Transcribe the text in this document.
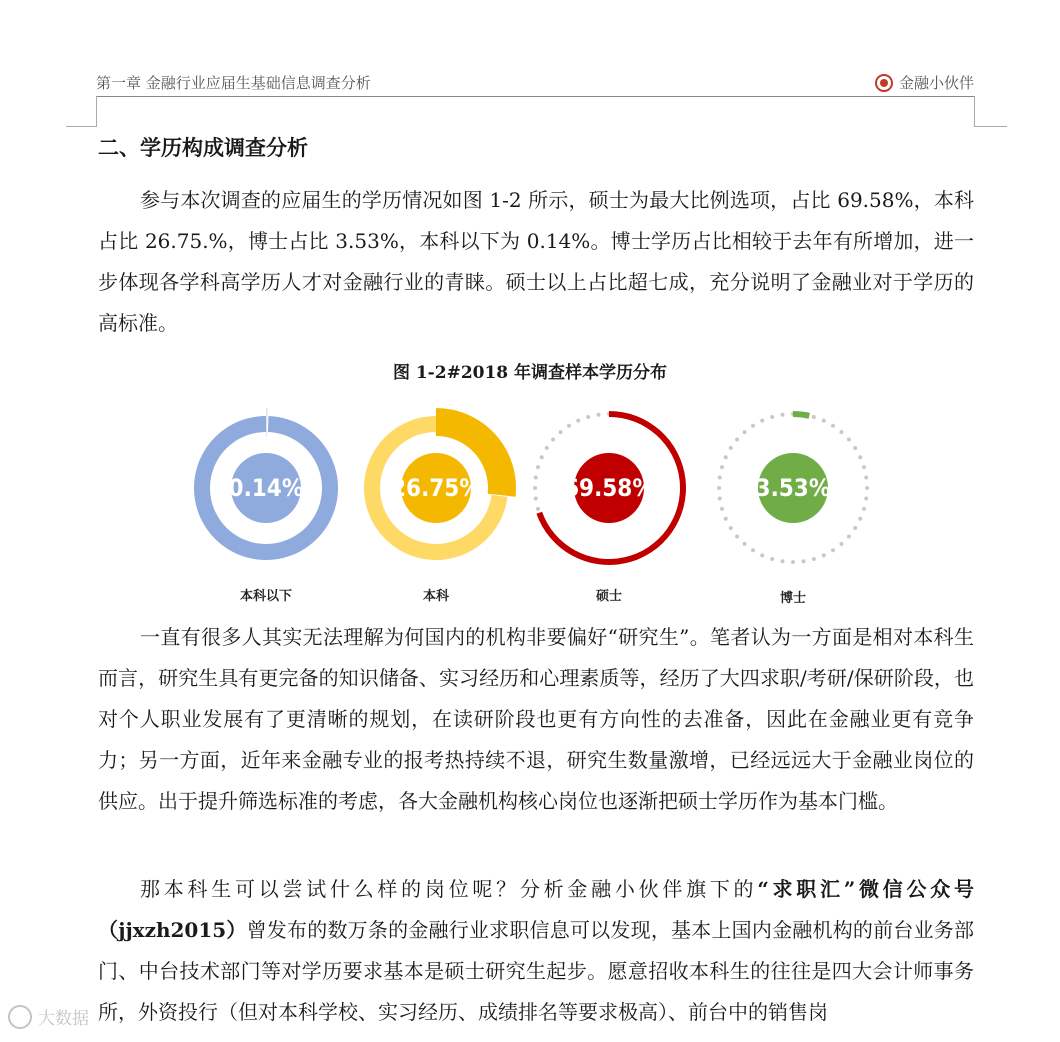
第一章 金融行业应届生基础信息调查分析	金融小伙伴
二、学历构成调查分析

参与本次调查的应届生的学历情况如图 1-2 所示，硕士为最大比例选项，占比 69.58%，本科占比 26.75.%，博士占比 3.53%，本科以下为 0.14%。博士学历占比相较于去年有所增加，进一步体现各学科高学历人才对金融行业的青睐。硕士以上占比超七成，充分说明了金融业对于学历的高标准。

图 1-2#2018 年调查样本学历分布
0.14%	26.75%	69.58%	3.53%
本科以下	本科	硕士	博士

一直有很多人其实无法理解为何国内的机构非要偏好“研究生”。笔者认为一方面是相对本科生而言，研究生具有更完备的知识储备、实习经历和心理素质等，经历了大四求职/考研/保研阶段，也对个人职业发展有了更清晰的规划，在读研阶段也更有方向性的去准备，因此在金融业更有竞争力；另一方面，近年来金融专业的报考热持续不退，研究生数量激增，已经远远大于金融业岗位的供应。出于提升筛选标准的考虑，各大金融机构核心岗位也逐渐把硕士学历作为基本门槛。

那本科生可以尝试什么样的岗位呢？分析金融小伙伴旗下的“求职汇”微信公众号（jjxzh2015）曾发布的数万条的金融行业求职信息可以发现，基本上国内金融机构的前台业务部门、中台技术部门等对学历要求基本是硕士研究生起步。愿意招收本科生的往往是四大会计师事务所，外资投行（但对本科学校、实习经历、成绩排名等要求极高）、前台中的销售岗

大数据
